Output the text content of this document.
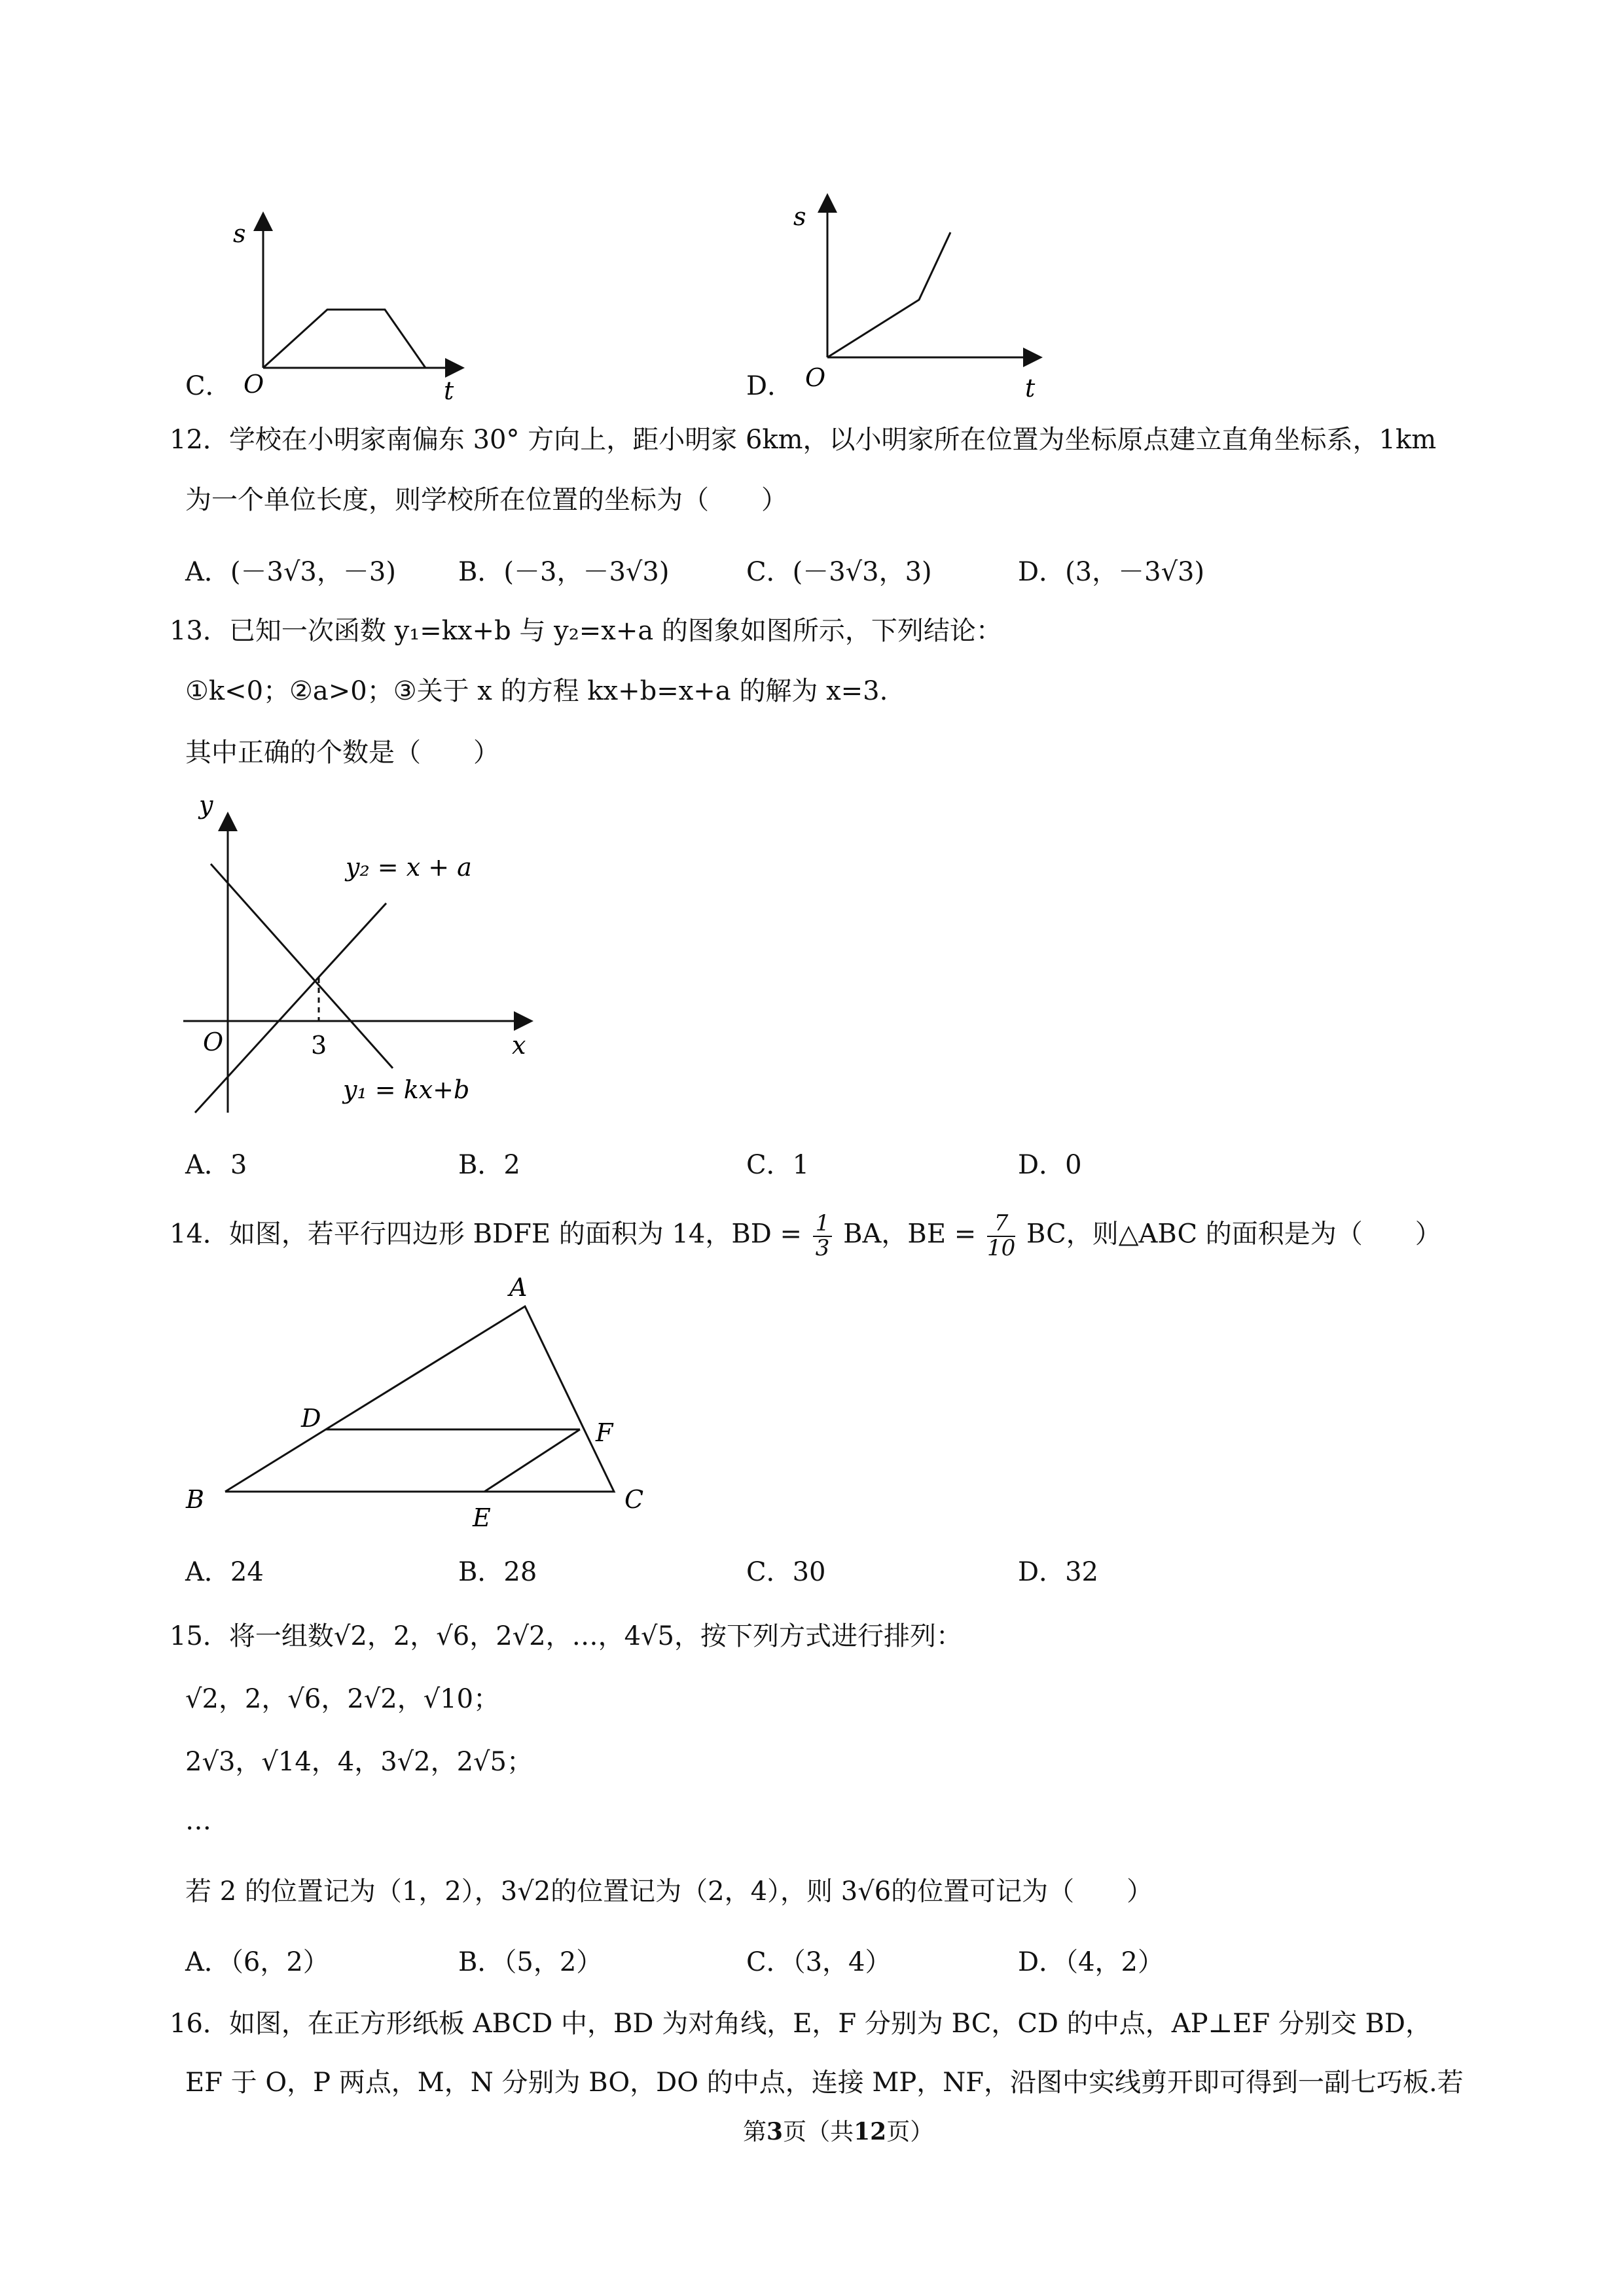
C．
s
O	t	D．
s
O	t
12．学校在小明家南偏东 30° 方向上，距小明家 6km，以小明家所在位置为坐标原点建立直角坐标系，1km
为一个单位长度，则学校所在位置的坐标为（　　）
A．(－3√3，－3) B．(－3，－3√3)	C．(－3√3，3)	D．(3，－3√3)
13．已知一次函数 y₁=kx+b 与 y₂=x+a 的图象如图所示，下列结论：
①k<0；②a>0；③关于 x 的方程 kx+b=x+a 的解为 x=3.
其中正确的个数是（　　）
y
O	3	x
y₂ = x + a
y₁ = kx+b
A．3	B．2	C．1	D．0
14．如图，若平行四边形 BDFE 的面积为 14，BD = $\frac{1}{3}$ BA，BE = $\frac{7}{10}$ BC，则△ABC 的面积是为（　　）
A
D	F
B
E
C
A．24	B．28	C．30	D．32
15．将一组数√2，2，√6，2√2，…，4√5，按下列方式进行排列：
√2，2，√6，2√2，√10；
2√3，√14，4，3√2，2√5；
…
若 2 的位置记为（1，2），3√2的位置记为（2，4），则 3√6的位置可记为（　　）
A．（6，2）	B．（5，2）	C．（3，4）	D．（4，2）
16．如图，在正方形纸板 ABCD 中，BD 为对角线，E，F 分别为 BC，CD 的中点，AP⊥EF 分别交 BD，
EF 于 O，P 两点，M，N 分别为 BO，DO 的中点，连接 MP，NF，沿图中实线剪开即可得到一副七巧板.若
第3页（共12页）
